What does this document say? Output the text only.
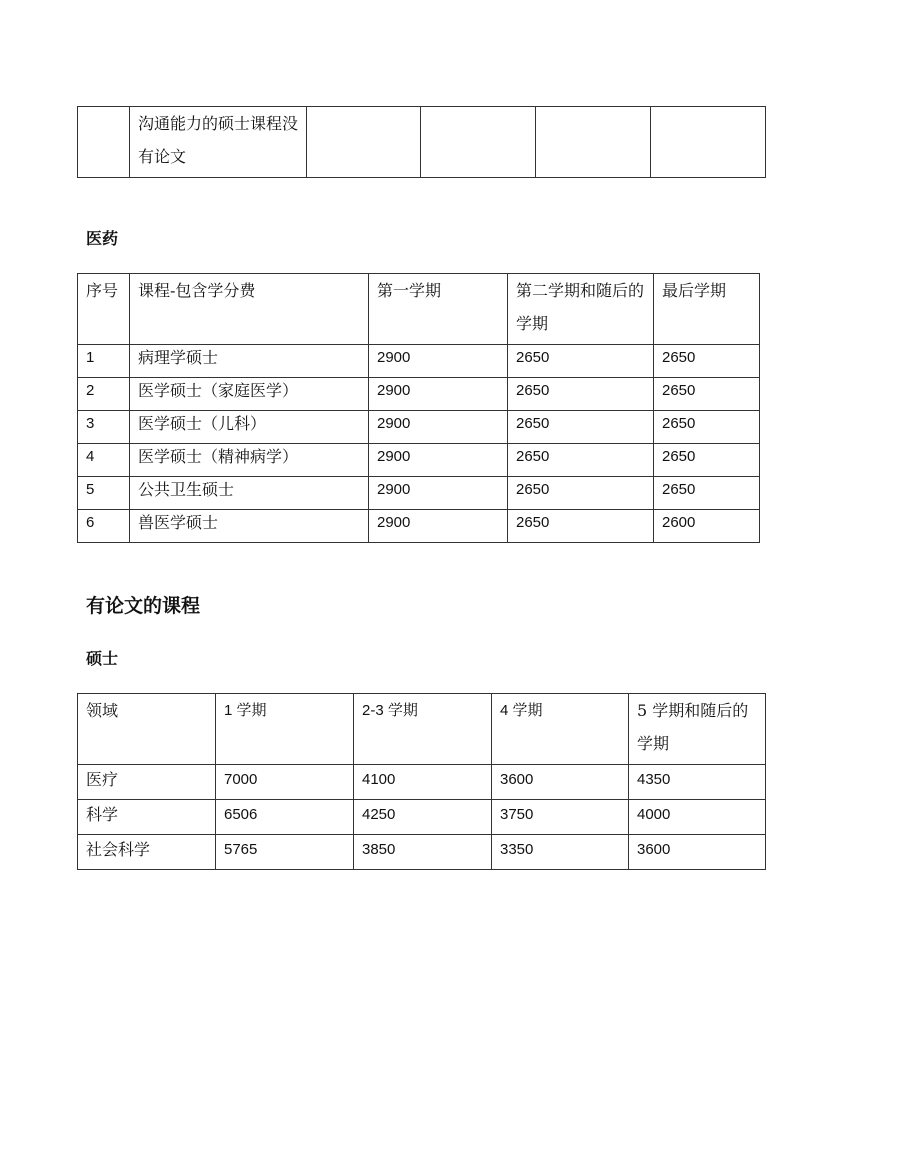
	沟通能力的硕士课程没有论文				
医药
序号	课程-包含学分费	第一学期	第二学期和随后的学期	最后学期
1	病理学硕士	2900	2650	2650
2	医学硕士（家庭医学）	2900	2650	2650
3	医学硕士（儿科）	2900	2650	2650
4	医学硕士（精神病学）	2900	2650	2650
5	公共卫生硕士	2900	2650	2650
6	兽医学硕士	2900	2650	2600
有论文的课程
硕士
领域	1 学期	2-3 学期	4 学期	5 学期和随后的学期
医疗	7000	4100	3600	4350
科学	6506	4250	3750	4000
社会科学	5765	3850	3350	3600
